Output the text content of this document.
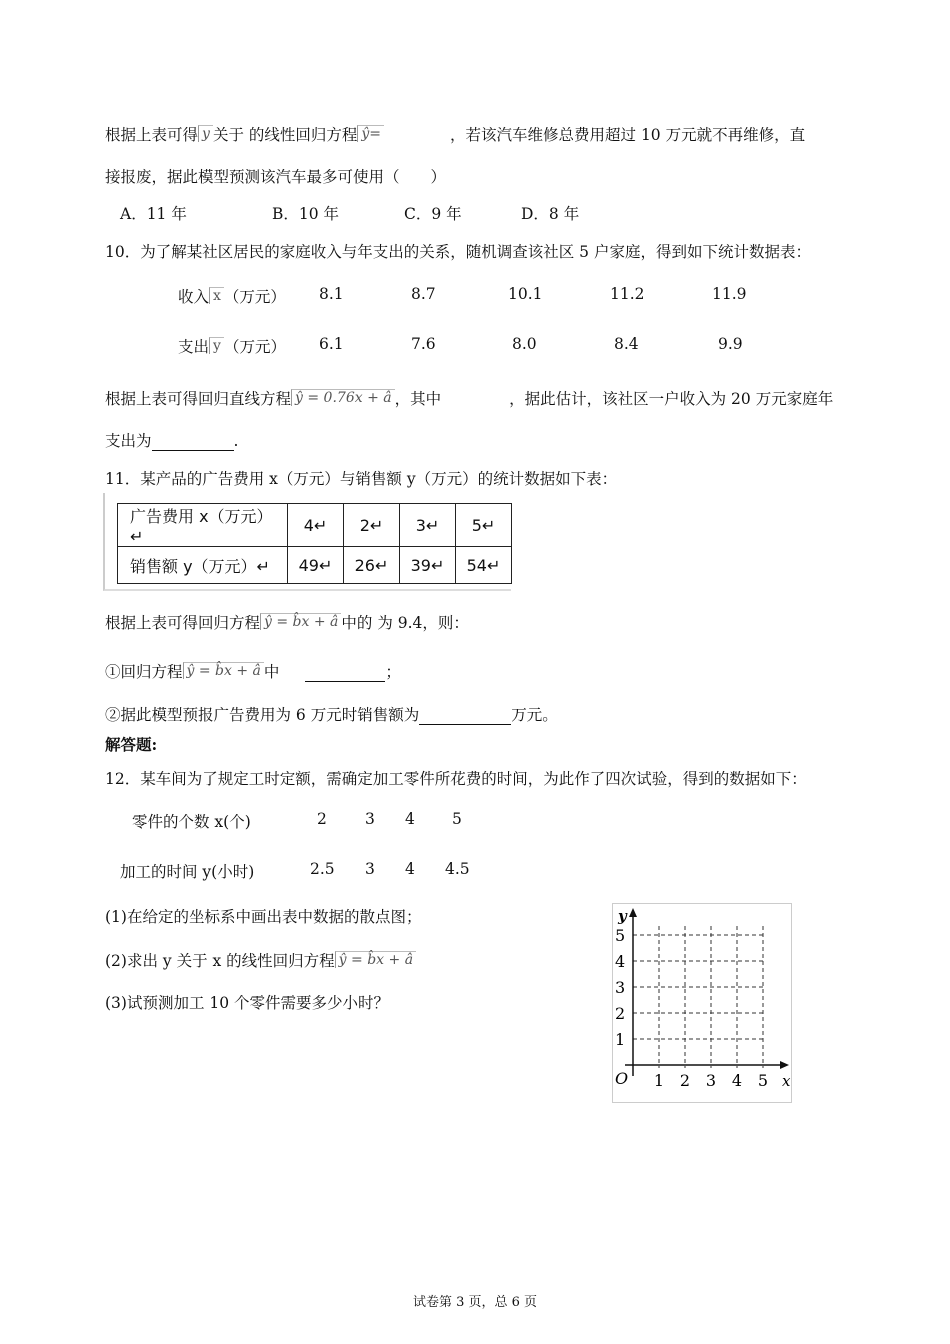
根据上表可得 y 关于 的线性回归方程 ŷ=	，若该汽车维修总费用超过 10 万元就不再维修，直
接报废，据此模型预测该汽车最多可使用（　　）
A．11 年	B．10 年	C．9 年	D．8 年
10．为了解某社区居民的家庭收入与年支出的关系，随机调查该社区 5 户家庭，得到如下统计数据表：
收入 x （万元） 8.1	8.7	10.1	11.2	11.9
支出 y （万元） 6.1	7.6	8.0	8.4	9.9
根据上表可得回归直线方程 ŷ = 0.76x + â ，其中	，据此估计，该社区一户收入为 20 万元家庭年
支出为	.
11．某产品的广告费用 x（万元）与销售额 y（万元）的统计数据如下表：
广告费用 x（万元）↵	4↵	2↵	3↵	5↵
销售额 y（万元）↵	49↵	26↵	39↵	54↵
根据上表可得回归方程 ŷ = b̂x + â 中的 为 9.4，则：
①回归方程 ŷ = b̂x + â 中	；
②据此模型预报广告费用为 6 万元时销售额为	万元。
解答题:
12．某车间为了规定工时定额，需确定加工零件所花费的时间，为此作了四次试验，得到的数据如下：
零件的个数 x(个)	2 3 4 5
加工的时间 y(小时)	2.5 3 4 4.5
(1)在给定的坐标系中画出表中数据的散点图；
(2)求出 y 关于 x 的线性回归方程 ŷ = b̂x + â
(3)试预测加工 10 个零件需要多少小时？
y
x
O 1 2 3 4 5
1
2
3
4
5
试卷第 3 页，总 6 页
